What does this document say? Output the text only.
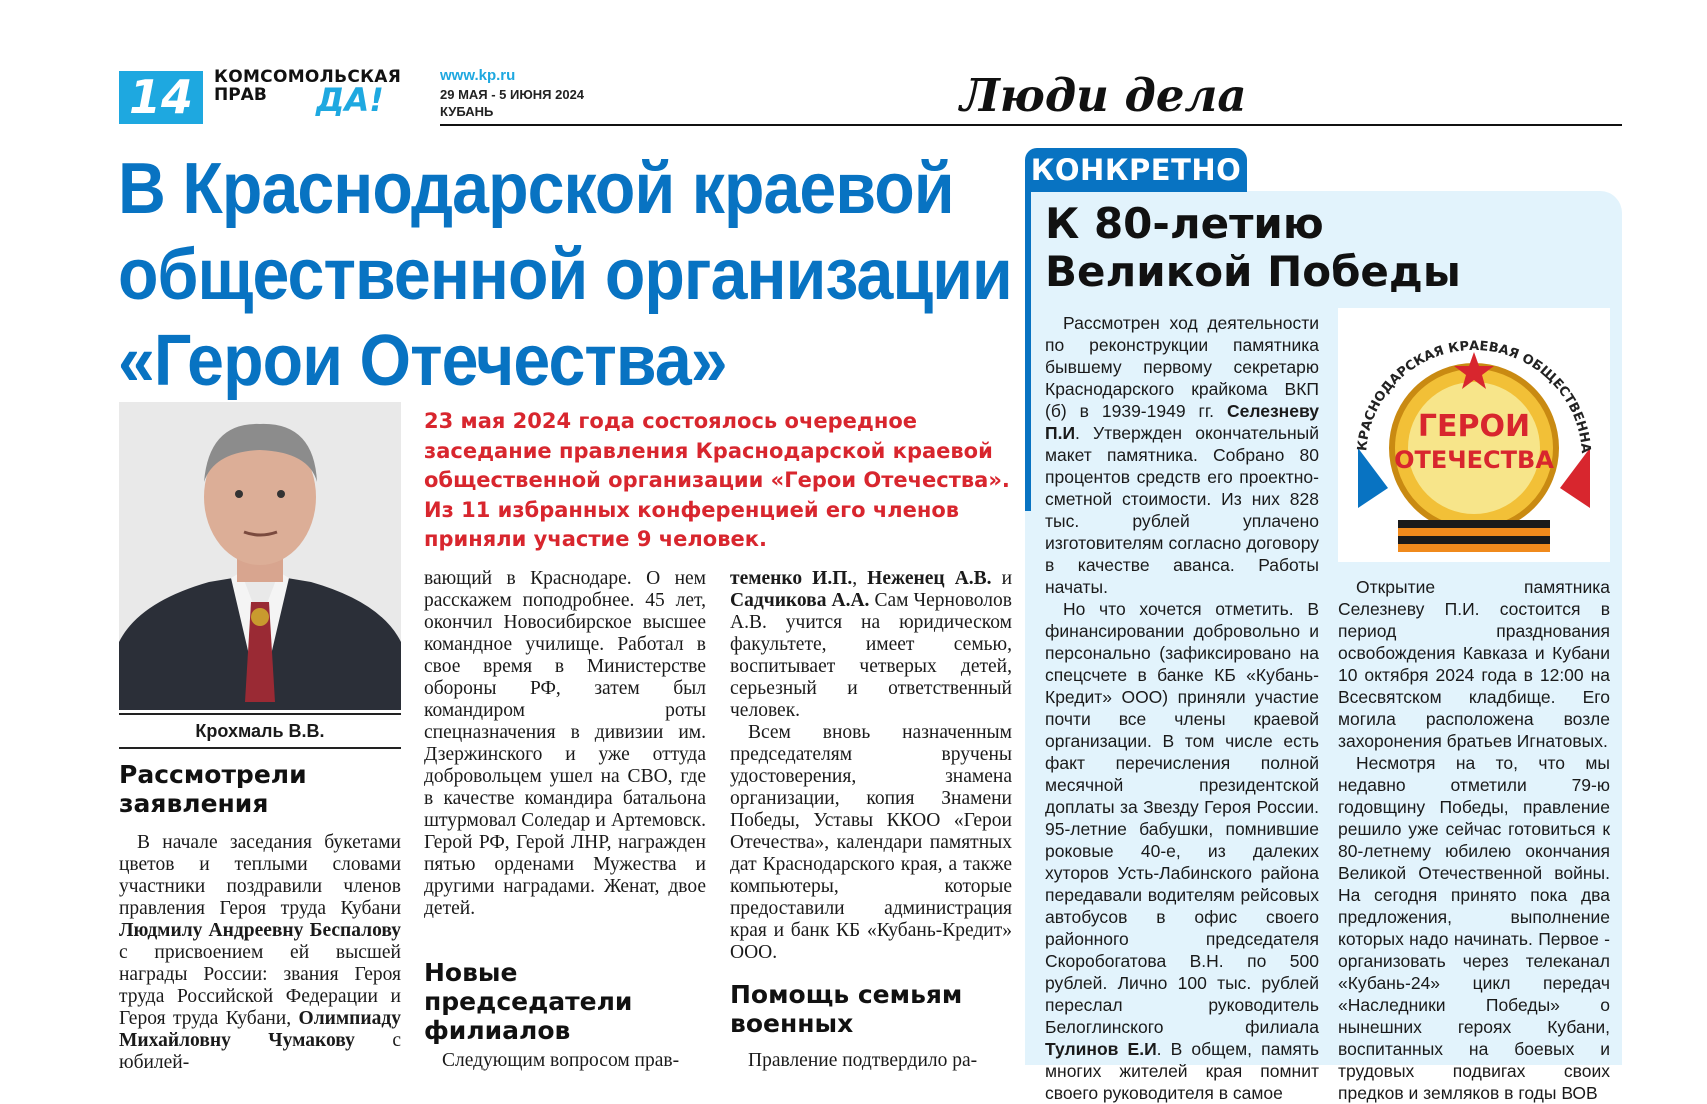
14	КОМСОМОЛЬСКАЯ
ПРАВ ДА!
www.kp.ru
29 МАЯ - 5 ИЮНЯ 2024
КУБАНЬ	Люди дела
В Краснодарской краевой
общественной организации
«Герои Отечества»
Крохмаль В.В.
23 мая 2024 года состоялось очередное заседание правления Краснодарской краевой общественной организации «Герои Отечества». Из 11 избранных конференцией его членов приняли участие 9 человек.
Рассмотрели заявления

В начале заседания букетами цветов и теплыми словами участники поздравили членов правления Героя труда Кубани Людмилу Андреевну Беспалову с присвоением ей высшей награды России: звания Героя труда Российской Федерации и Героя труда Кубани, Олимпиаду Михайловну Чумакову с юбилей-

вающий в Краснодаре. О нем расскажем поподробнее. 45 лет, окончил Новосибирское высшее командное училище. Работал в свое время в Министерстве обороны РФ, затем был командиром роты спецназначения в дивизии им. Дзержинского и уже оттуда добровольцем ушел на СВО, где в качестве командира батальона штурмовал Соледар и Артемовск. Герой РФ, Герой ЛНР, награжден пятью орденами Мужества и другими наградами. Женат, двое детей.

Новые председатели филиалов

Следующим вопросом прав-

теменко И.П., Неженец А.В. и Садчикова А.А. Сам Черноволов А.В. учится на юридическом факультете, имеет семью, воспитывает четверых детей, серьезный и ответственный человек.

Всем вновь назначенным председателям вручены удостоверения, знамена организации, копия Знамени Победы, Уставы ККОО «Герои Отечества», календари памятных дат Краснодарского края, а также компьютеры, которые предоставили администрация края и банк КБ «Кубань-Кредит» ООО.

Помощь семьям военных

Правление подтвердило ра-

КОНКРЕТНО
К 80-летию
Великой Победы

Рассмотрен ход деятельности по реконструкции памятника бывшему первому секретарю Краснодарского крайкома ВКП (б) в 1939-1949 гг. Селезневу П.И. Утвержден окончательный макет памятника. Собрано 80 процентов средств его проектно-сметной стоимости. Из них 828 тыс. рублей уплачено изготовителям согласно договору в качестве аванса. Работы начаты.

Но что хочется отметить. В финансировании добровольно и персонально (зафиксировано на спецсчете в банке КБ «Кубань-Кредит» ООО) приняли участие почти все члены краевой организации. В том числе есть факт перечисления полной месячной президентской доплаты за Звезду Героя России. 95-летние бабушки, помнившие роковые 40-е, из далеких хуторов Усть-Лабинского района передавали водителям рейсовых автобусов в офис своего районного председателя Скоробогатова В.Н. по 500 рублей. Лично 100 тыс. рублей переслал руководитель Белоглинского филиала Тулинов Е.И. В общем, память многих жителей края помнит своего руководителя в самое

КРАСНОДАРСКАЯ КРАЕВАЯ ОБЩЕСТВЕННА
ГЕРОИ
ОТЕЧЕСТВА

Открытие памятника Селезневу П.И. состоится в период празднования освобождения Кавказа и Кубани 10 октября 2024 года в 12:00 на Всесвятском кладбище. Его могила расположена возле захоронения братьев Игнатовых.

Несмотря на то, что мы недавно отметили 79-ю годовщину Победы, правление решило уже сейчас готовиться к 80-летнему юбилею окончания Великой Отечественной войны. На сегодня принято пока два предложения, выполнение которых надо начинать. Первое - организовать через телеканал «Кубань-24» цикл передач «Наследники Победы» о нынешних героях Кубани, воспитанных на боевых и трудовых подвигах своих предков и земляков в годы ВОВ
